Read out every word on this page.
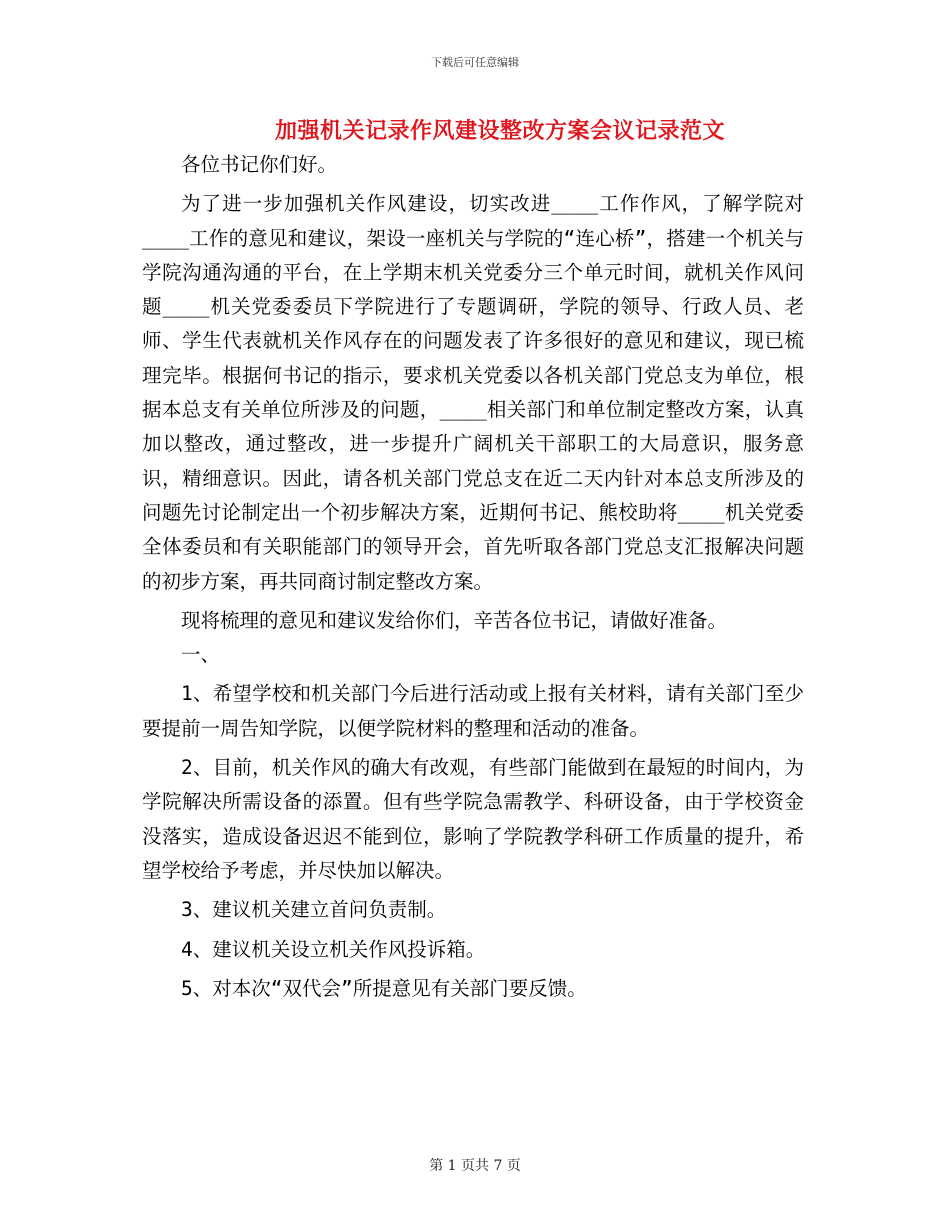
下载后可任意编辑
加强机关记录作风建设整改方案会议记录范文

各位书记你们好。

为了进一步加强机关作风建设，切实改进____工作作风，了解学院对____工作的意见和建议，架设一座机关与学院的“连心桥”，搭建一个机关与学院沟通沟通的平台，在上学期末机关党委分三个单元时间，就机关作风问题____机关党委委员下学院进行了专题调研，学院的领导、行政人员、老师、学生代表就机关作风存在的问题发表了许多很好的意见和建议，现已梳理完毕。根据何书记的指示，要求机关党委以各机关部门党总支为单位，根据本总支有关单位所涉及的问题，____相关部门和单位制定整改方案，认真加以整改，通过整改，进一步提升广阔机关干部职工的大局意识，服务意识，精细意识。因此，请各机关部门党总支在近二天内针对本总支所涉及的问题先讨论制定出一个初步解决方案，近期何书记、熊校助将____机关党委全体委员和有关职能部门的领导开会，首先听取各部门党总支汇报解决问题的初步方案，再共同商讨制定整改方案。

现将梳理的意见和建议发给你们，辛苦各位书记，请做好准备。

一、

1、希望学校和机关部门今后进行活动或上报有关材料，请有关部门至少要提前一周告知学院，以便学院材料的整理和活动的准备。

2、目前，机关作风的确大有改观，有些部门能做到在最短的时间内，为学院解决所需设备的添置。但有些学院急需教学、科研设备，由于学校资金没落实，造成设备迟迟不能到位，影响了学院教学科研工作质量的提升，希望学校给予考虑，并尽快加以解决。

3、建议机关建立首问负责制。

4、建议机关设立机关作风投诉箱。

5、对本次“双代会”所提意见有关部门要反馈。

第 1 页共 7 页
